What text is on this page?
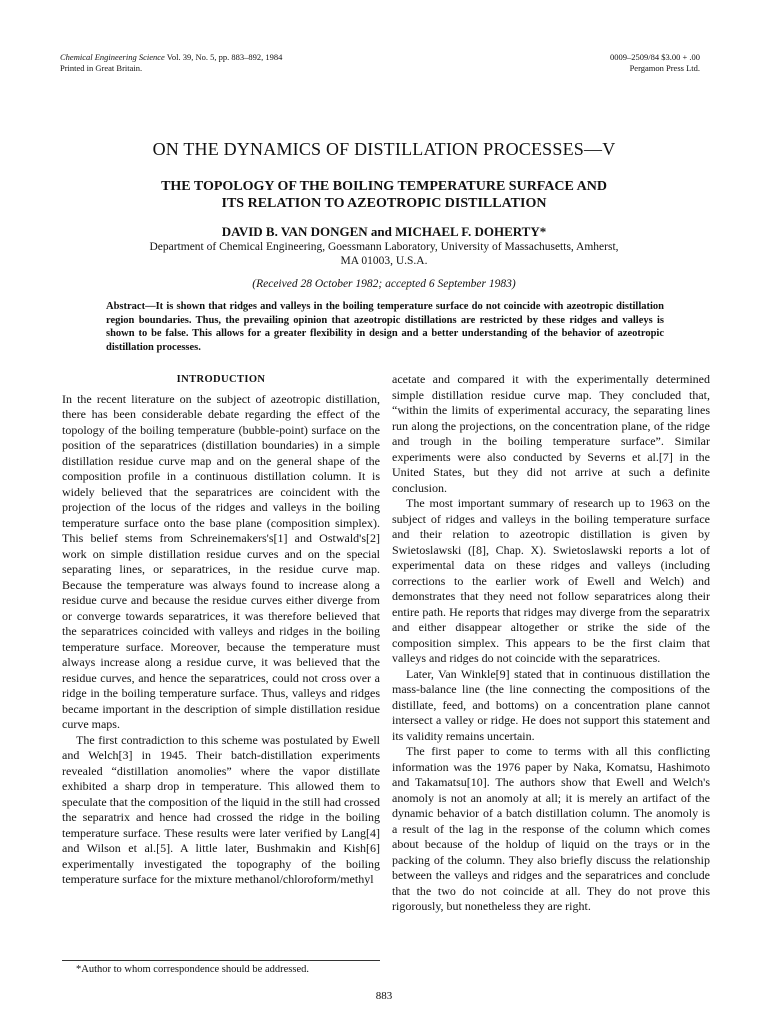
Chemical Engineering Science Vol. 39, No. 5, pp. 883–892, 1984
Printed in Great Britain.
0009–2509/84 $3.00 + .00
Pergamon Press Ltd.
ON THE DYNAMICS OF DISTILLATION PROCESSES—V
THE TOPOLOGY OF THE BOILING TEMPERATURE SURFACE AND
ITS RELATION TO AZEOTROPIC DISTILLATION
DAVID B. VAN DONGEN and MICHAEL F. DOHERTY*
Department of Chemical Engineering, Goessmann Laboratory, University of Massachusetts, Amherst,
MA 01003, U.S.A.
(Received 28 October 1982; accepted 6 September 1983)
Abstract—It is shown that ridges and valleys in the boiling temperature surface do not coincide with azeotropic distillation region boundaries. Thus, the prevailing opinion that azeotropic distillations are restricted by these ridges and valleys is shown to be false. This allows for a greater flexibility in design and a better understanding of the behavior of azeotropic distillation processes.
INTRODUCTION

In the recent literature on the subject of azeotropic distillation, there has been considerable debate regarding the effect of the topology of the boiling temperature (bubble-point) surface on the position of the separatrices (distillation boundaries) in a simple distillation residue curve map and on the general shape of the composition profile in a continuous distillation column. It is widely believed that the separatrices are coincident with the projection of the locus of the ridges and valleys in the boiling temperature surface onto the base plane (composition simplex). This belief stems from Schreinemakers's[1] and Ostwald's[2] work on simple distillation residue curves and on the special separating lines, or separatrices, in the residue curve map. Because the temperature was always found to increase along a residue curve and because the residue curves either diverge from or converge towards separatrices, it was therefore believed that the separatrices coincided with valleys and ridges in the boiling temperature surface. Moreover, because the temperature must always increase along a residue curve, it was believed that the residue curves, and hence the separatrices, could not cross over a ridge in the boiling temperature surface. Thus, valleys and ridges became important in the description of simple distillation residue curve maps.

The first contradiction to this scheme was postulated by Ewell and Welch[3] in 1945. Their batch-distillation experiments revealed “distillation anomolies” where the vapor distillate exhibited a sharp drop in temperature. This allowed them to speculate that the composition of the liquid in the still had crossed the separatrix and hence had crossed the ridge in the boiling temperature surface. These results were later verified by Lang[4] and Wilson et al.[5]. A little later, Bushmakin and Kish[6] experimentally investigated the topography of the boiling temperature surface for the mixture methanol/chloroform/methyl

acetate and compared it with the experimentally determined simple distillation residue curve map. They concluded that, “within the limits of experimental accuracy, the separating lines run along the projections, on the concentration plane, of the ridge and trough in the boiling temperature surface”. Similar experiments were also conducted by Severns et al.[7] in the United States, but they did not arrive at such a definite conclusion.

The most important summary of research up to 1963 on the subject of ridges and valleys in the boiling temperature surface and their relation to azeotropic distillation is given by Swietoslawski ([8], Chap. X). Swietoslawski reports a lot of experimental data on these ridges and valleys (including corrections to the earlier work of Ewell and Welch) and demonstrates that they need not follow separatrices along their entire path. He reports that ridges may diverge from the separatrix and either disappear altogether or strike the side of the composition simplex. This appears to be the first claim that valleys and ridges do not coincide with the separatrices.

Later, Van Winkle[9] stated that in continuous distillation the mass-balance line (the line connecting the compositions of the distillate, feed, and bottoms) on a concentration plane cannot intersect a valley or ridge. He does not support this statement and its validity remains uncertain.

The first paper to come to terms with all this conflicting information was the 1976 paper by Naka, Komatsu, Hashimoto and Takamatsu[10]. The authors show that Ewell and Welch's anomoly is not an anomoly at all; it is merely an artifact of the dynamic behavior of a batch distillation column. The anomoly is a result of the lag in the response of the column which comes about because of the holdup of liquid on the trays or in the packing of the column. They also briefly discuss the relationship between the valleys and ridges and the separatrices and conclude that the two do not coincide at all. They do not prove this rigorously, but nonetheless they are right.

*Author to whom correspondence should be addressed.
883
